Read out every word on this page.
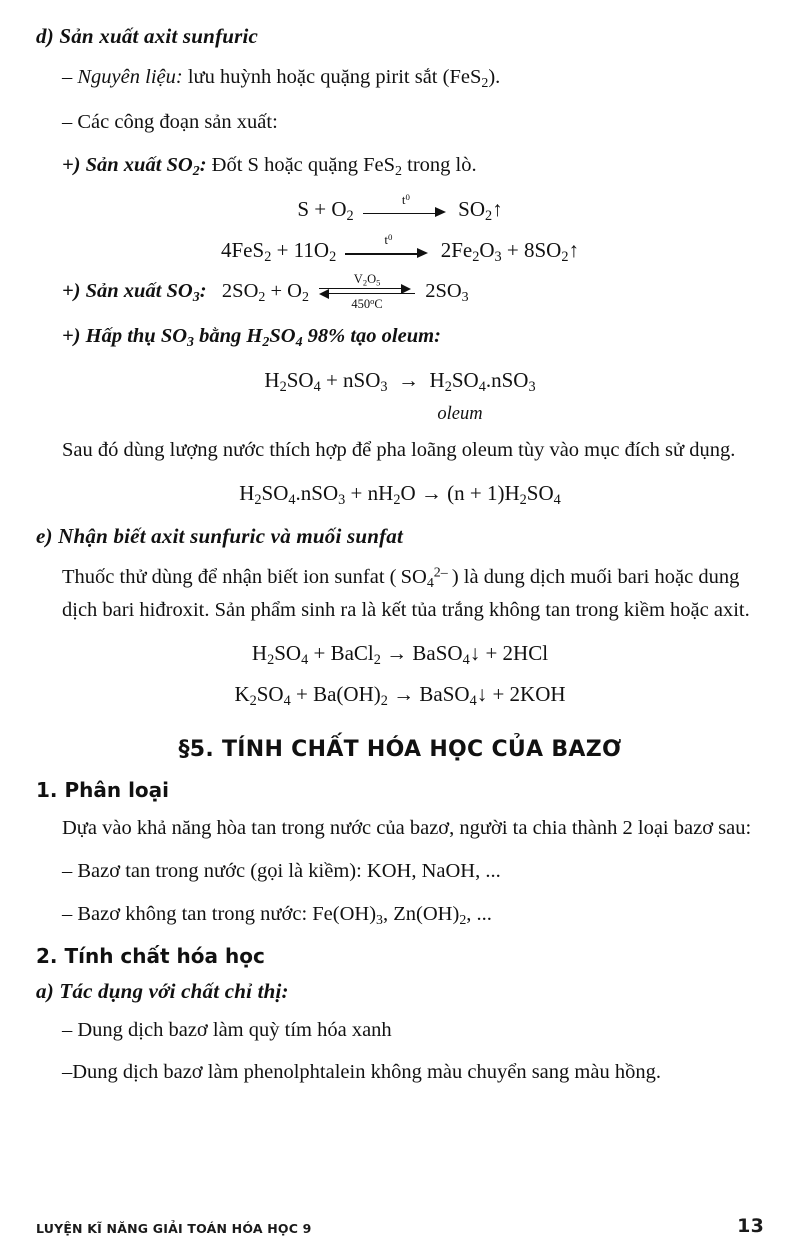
d) Sản xuất axit sunfuric
– Nguyên liệu: lưu huỳnh hoặc quặng pirit sắt (FeS$_2$).
– Các công đoạn sản xuất:
+) Sản xuất $SO_2$: Đốt S hoặc quặng FeS$_2$ trong lò.
$S + O_2$
$t^0$
$SO_2↑$
$4FeS_2 + 11O_2$
$t^0$
$2Fe_2O_3$ + $8SO_2↑$
+) Sản xuất $SO_3$:   $2SO_2 + O_2$
$V_2O_5$
450$^o$C
$2SO_3$
+) Hấp thụ $SO_3$ bằng $H_2SO_4$ 98% tạo oleum:
$H_2SO_4 + nSO_3 \to H_2SO_4.nSO_3$
oleum
Sau đó dùng lượng nước thích hợp để pha loãng oleum tùy vào mục đích sử dụng.
$H_2SO_4.nSO_3 + nH_2O \to (n + 1)H_2SO_4$
e) Nhận biết axit sunfuric và muối sunfat
Thuốc thử dùng để nhận biết ion sunfat ( $SO_4^{2-}$ ) là dung dịch muối bari hoặc dung dịch bari hiđroxit. Sản phẩm sinh ra là kết tủa trắng không tan trong kiềm hoặc axit.
$H_2SO_4$ + BaCl$_2$ → BaSO$_4$↓ + 2HCl
$K_2SO_4 + Ba(OH)_2$ → BaSO$_4$↓ + 2KOH
§5. TÍNH CHẤT HÓA HỌC CỦA BAZƠ
1. Phân loại
Dựa vào khả năng hòa tan trong nước của bazơ, người ta chia thành 2 loại bazơ sau:
– Bazơ tan trong nước (gọi là kiềm): KOH, NaOH, ...
– Bazơ không tan trong nước: $Fe(OH)_3$, $Zn(OH)_2$, ...
2. Tính chất hóa học
a) Tác dụng với chất chỉ thị:
– Dung dịch bazơ làm quỳ tím hóa xanh
–Dung dịch bazơ làm phenolphtalein không màu chuyển sang màu hồng.
LUYỆN KĨ NĂNG GIẢI TOÁN HÓA HỌC 9	13
